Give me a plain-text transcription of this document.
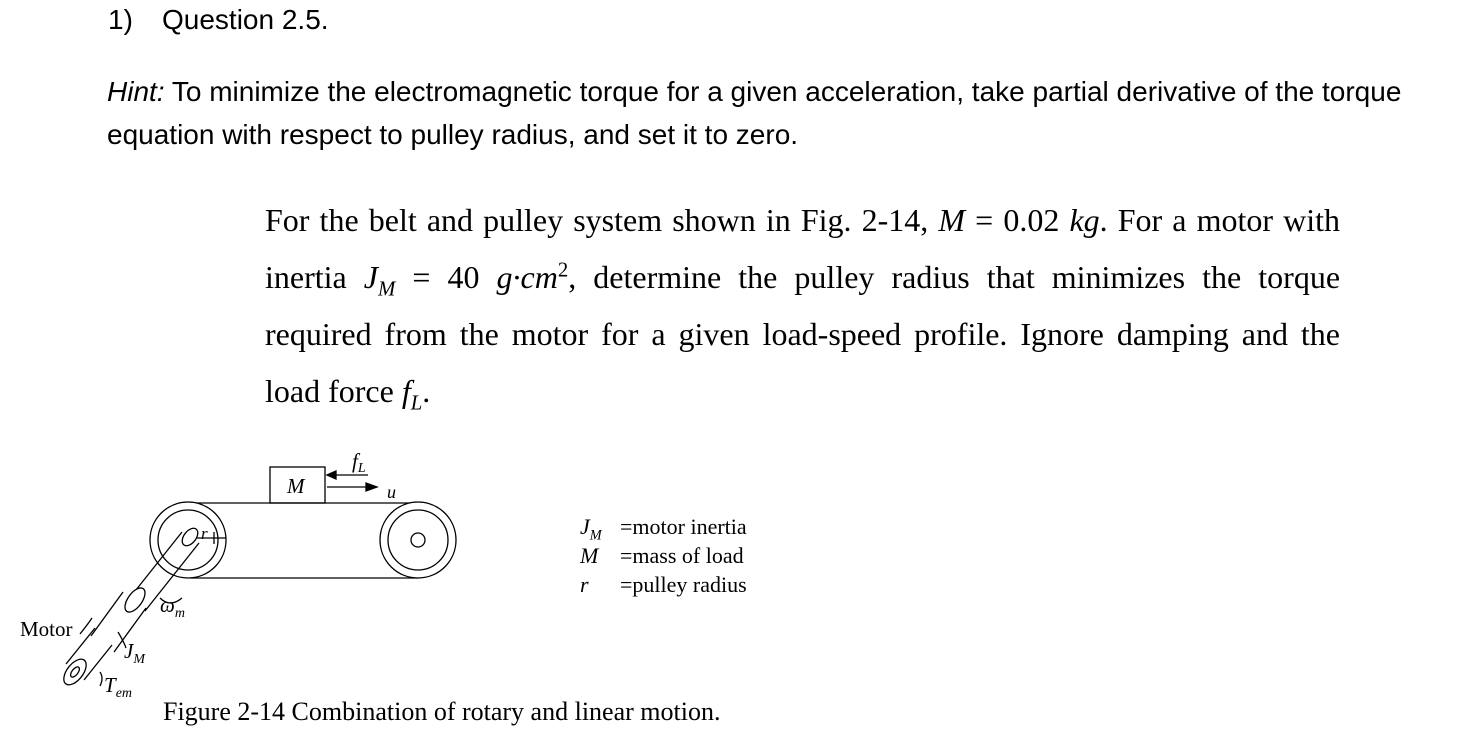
1) Question 2.5.
Hint: To minimize the electromagnetic torque for a given acceleration, take partial derivative of the torque equation with respect to pulley radius, and set it to zero.
For the belt and pulley system shown in Fig. 2-14, M = 0.02 kg. For a motor with inertia $J_M = 40$ $g\cdot cm^2$, determine the pulley radius that minimizes the torque required from the motor for a given load-speed profile. Ignore damping and the load force $f_L$.
M
fL
u
r
$\omega_m$
Motor
$J_M$
$T_{em}$
$J_M$ =motor inertia
M =mass of load
r =pulley radius
Figure 2-14 Combination of rotary and linear motion.
